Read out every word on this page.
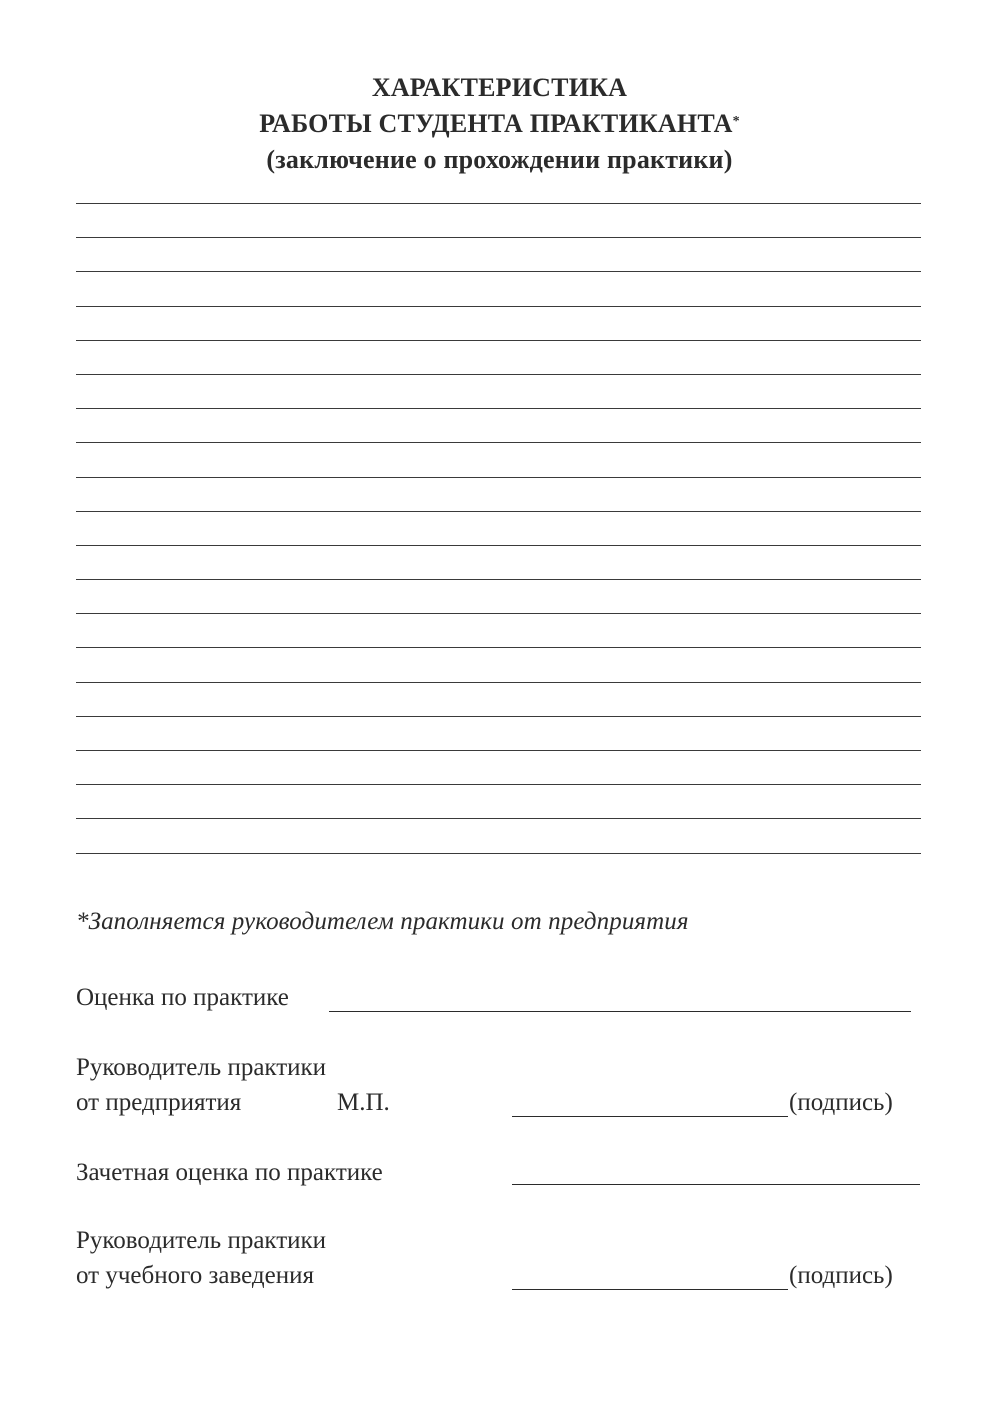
ХАРАКТЕРИСТИКА
РАБОТЫ СТУДЕНТА ПРАКТИКАНТА*
(заключение о прохождении практики)
*Заполняется руководителем практики от предприятия
Оценка по практике
Руководитель практики
от предприятия	М.П.	(подпись)
Зачетная оценка по практике
Руководитель практики
от учебного заведения	(подпись)
